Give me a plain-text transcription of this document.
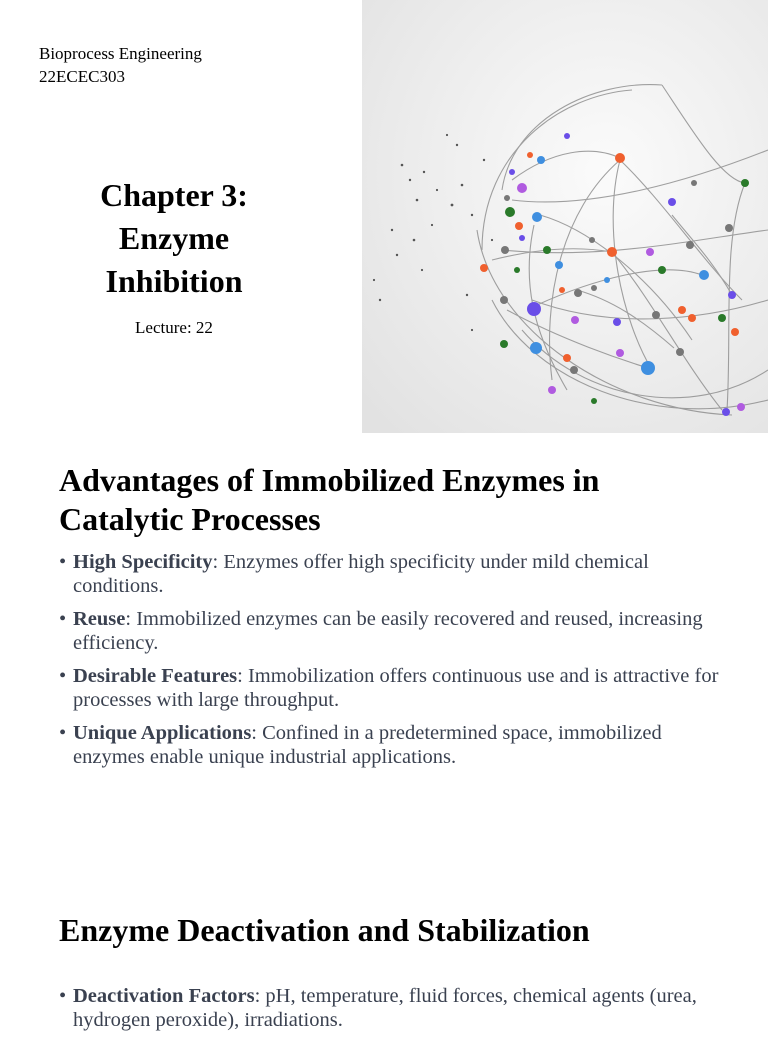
Bioprocess Engineering
22ECEC303
Chapter 3:
Enzyme
Inhibition
Lecture: 22
Advantages of Immobilized Enzymes in
Catalytic Processes
• High Specificity: Enzymes offer high specificity under mild chemical conditions.
• Reuse: Immobilized enzymes can be easily recovered and reused, increasing efficiency.
• Desirable Features: Immobilization offers continuous use and is attractive for processes with large throughput.
• Unique Applications: Confined in a predetermined space, immobilized enzymes enable unique industrial applications.
Enzyme Deactivation and Stabilization
• Deactivation Factors: pH, temperature, fluid forces, chemical agents (urea, hydrogen peroxide), irradiations.
